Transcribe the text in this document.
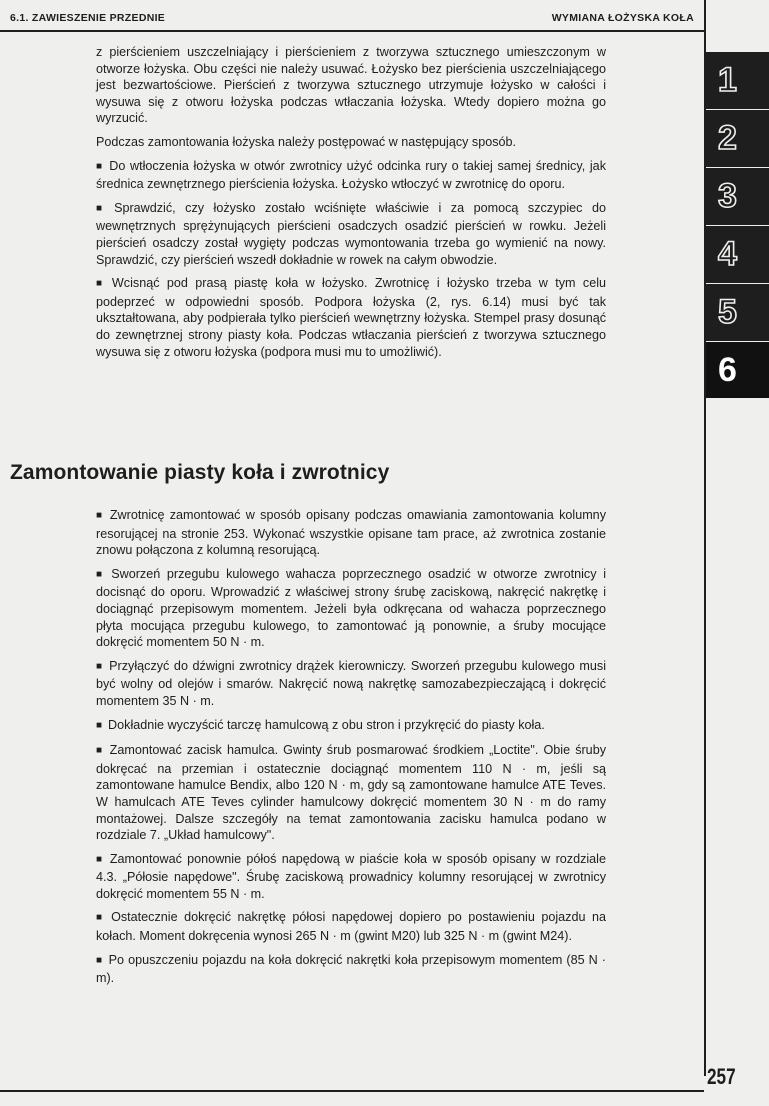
6.1. ZAWIESZENIE PRZEDNIE	WYMIANA ŁOŻYSKA KOŁA
1
2
3
4
5
6

z pierścieniem uszczelniający i pierścieniem z tworzywa sztucznego umieszczonym w otworze łożyska. Obu części nie należy usuwać. Łożysko bez pierścienia uszczelniającego jest bezwartościowe. Pierścień z tworzywa sztucznego utrzymuje łożysko w całości i wysuwa się z otworu łożyska podczas wtłaczania łożyska. Wtedy dopiero można go wyrzucić.

Podczas zamontowania łożyska należy postępować w następujący sposób.

■ Do wtłoczenia łożyska w otwór zwrotnicy użyć odcinka rury o takiej samej średnicy, jak średnica zewnętrznego pierścienia łożyska. Łożysko wtłoczyć w zwrotnicę do oporu.

■ Sprawdzić, czy łożysko zostało wciśnięte właściwie i za pomocą szczypiec do wewnętrznych sprężynujących pierścieni osadczych osadzić pierścień w rowku. Jeżeli pierścień osadczy został wygięty podczas wymontowania trzeba go wymienić na nowy. Sprawdzić, czy pierścień wszedł dokładnie w rowek na całym obwodzie.

■ Wcisnąć pod prasą piastę koła w łożysko. Zwrotnicę i łożysko trzeba w tym celu podeprzeć w odpowiedni sposób. Podpora łożyska (2, rys. 6.14) musi być tak ukształtowana, aby podpierała tylko pierścień wewnętrzny łożyska. Stempel prasy dosunąć do zewnętrznej strony piasty koła. Podczas wtłaczania pierścień z tworzywa sztucznego wysuwa się z otworu łożyska (podpora musi mu to umożliwić).

Zamontowanie piasty koła i zwrotnicy

■ Zwrotnicę zamontować w sposób opisany podczas omawiania zamontowania kolumny resorującej na stronie 253. Wykonać wszystkie opisane tam prace, aż zwrotnica zostanie znowu połączona z kolumną resorującą.

■ Sworzeń przegubu kulowego wahacza poprzecznego osadzić w otworze zwrotnicy i docisnąć do oporu. Wprowadzić z właściwej strony śrubę zaciskową, nakręcić nakrętkę i dociągnąć przepisowym momentem. Jeżeli była odkręcana od wahacza poprzecznego płyta mocująca przegubu kulowego, to zamontować ją ponownie, a śruby mocujące dokręcić momentem 50 N · m.

■ Przyłączyć do dźwigni zwrotnicy drążek kierowniczy. Sworzeń przegubu kulowego musi być wolny od olejów i smarów. Nakręcić nową nakrętkę samozabezpieczającą i dokręcić momentem 35 N · m.

■ Dokładnie wyczyścić tarczę hamulcową z obu stron i przykręcić do piasty koła.

■ Zamontować zacisk hamulca. Gwinty śrub posmarować środkiem „Loctite". Obie śruby dokręcać na przemian i ostatecznie dociągnąć momentem 110 N · m, jeśli są zamontowane hamulce Bendix, albo 120 N · m, gdy są zamontowane hamulce ATE Teves. W hamulcach ATE Teves cylinder hamulcowy dokręcić momentem 30 N · m do ramy montażowej. Dalsze szczegóły na temat zamontowania zacisku hamulca podano w rozdziale 7. „Układ hamulcowy".

■ Zamontować ponownie półoś napędową w piaście koła w sposób opisany w rozdziale 4.3. „Półosie napędowe". Śrubę zaciskową prowadnicy kolumny resorującej w zwrotnicy dokręcić momentem 55 N · m.

■ Ostatecznie dokręcić nakrętkę półosi napędowej dopiero po postawieniu pojazdu na kołach. Moment dokręcenia wynosi 265 N · m (gwint M20) lub 325 N · m (gwint M24).

■ Po opuszczeniu pojazdu na koła dokręcić nakrętki koła przepisowym momentem (85 N · m).

257
